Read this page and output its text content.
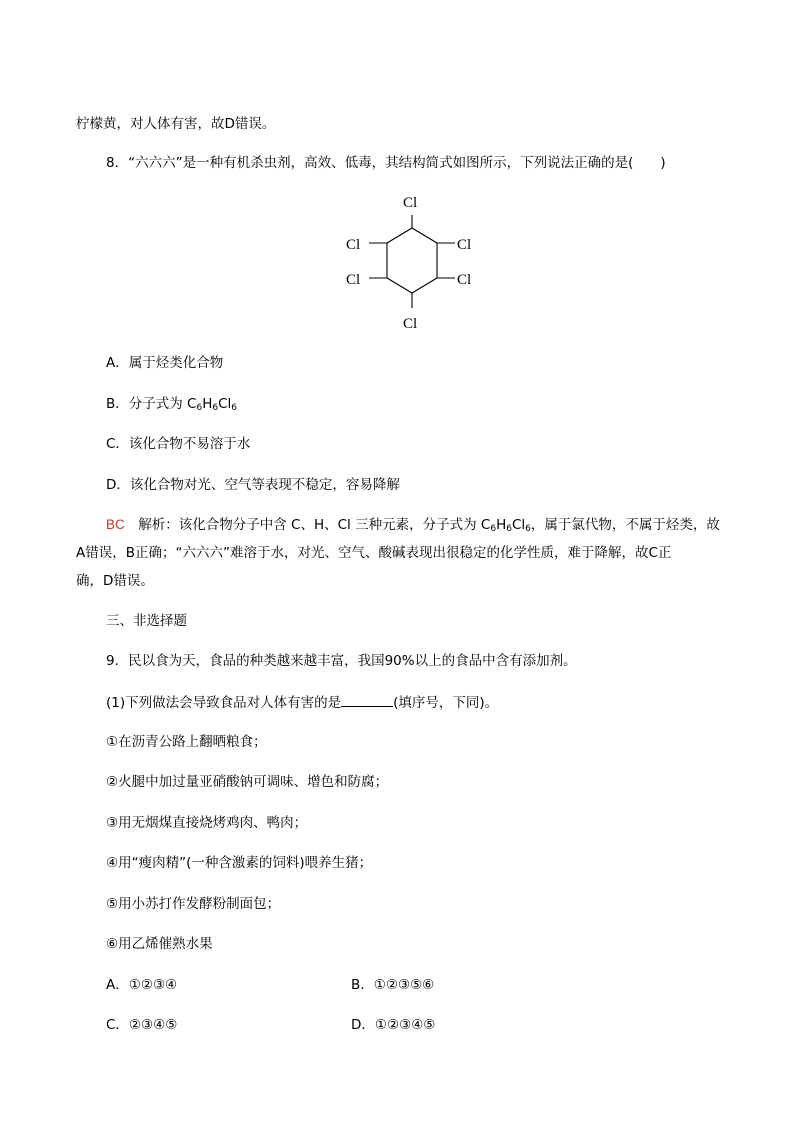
柠檬黄，对人体有害，故D错误。
8．“六六六”是一种有机杀虫剂，高效、低毒，其结构简式如图所示，下列说法正确的是(　　)
Cl
Cl
Cl
Cl
Cl
Cl
A．属于烃类化合物
B．分子式为 $C_6H_6Cl_6$
C．该化合物不易溶于水
D．该化合物对光、空气等表现不稳定，容易降解
BC　解析：该化合物分子中含 C、H、Cl 三种元素，分子式为 $C_6H_6Cl_6$，属于氯代物，不属于烃类，故
A错误，B正确；“六六六”难溶于水，对光、空气、酸碱表现出很稳定的化学性质，难于降解，故C正
确，D错误。
三、非选择题
9．民以食为天，食品的种类越来越丰富，我国90%以上的食品中含有添加剂。
(1)下列做法会导致食品对人体有害的是	(填序号，下同)。
①在沥青公路上翻晒粮食；
②火腿中加过量亚硝酸钠可调味、增色和防腐；
③用无烟煤直接烧烤鸡肉、鸭肉；
④用“瘦肉精”(一种含激素的饲料)喂养生猪；
⑤用小苏打作发酵粉制面包；
⑥用乙烯催熟水果
A．①②③④	B．①②③⑤⑥
C．②③④⑤	D．①②③④⑤
